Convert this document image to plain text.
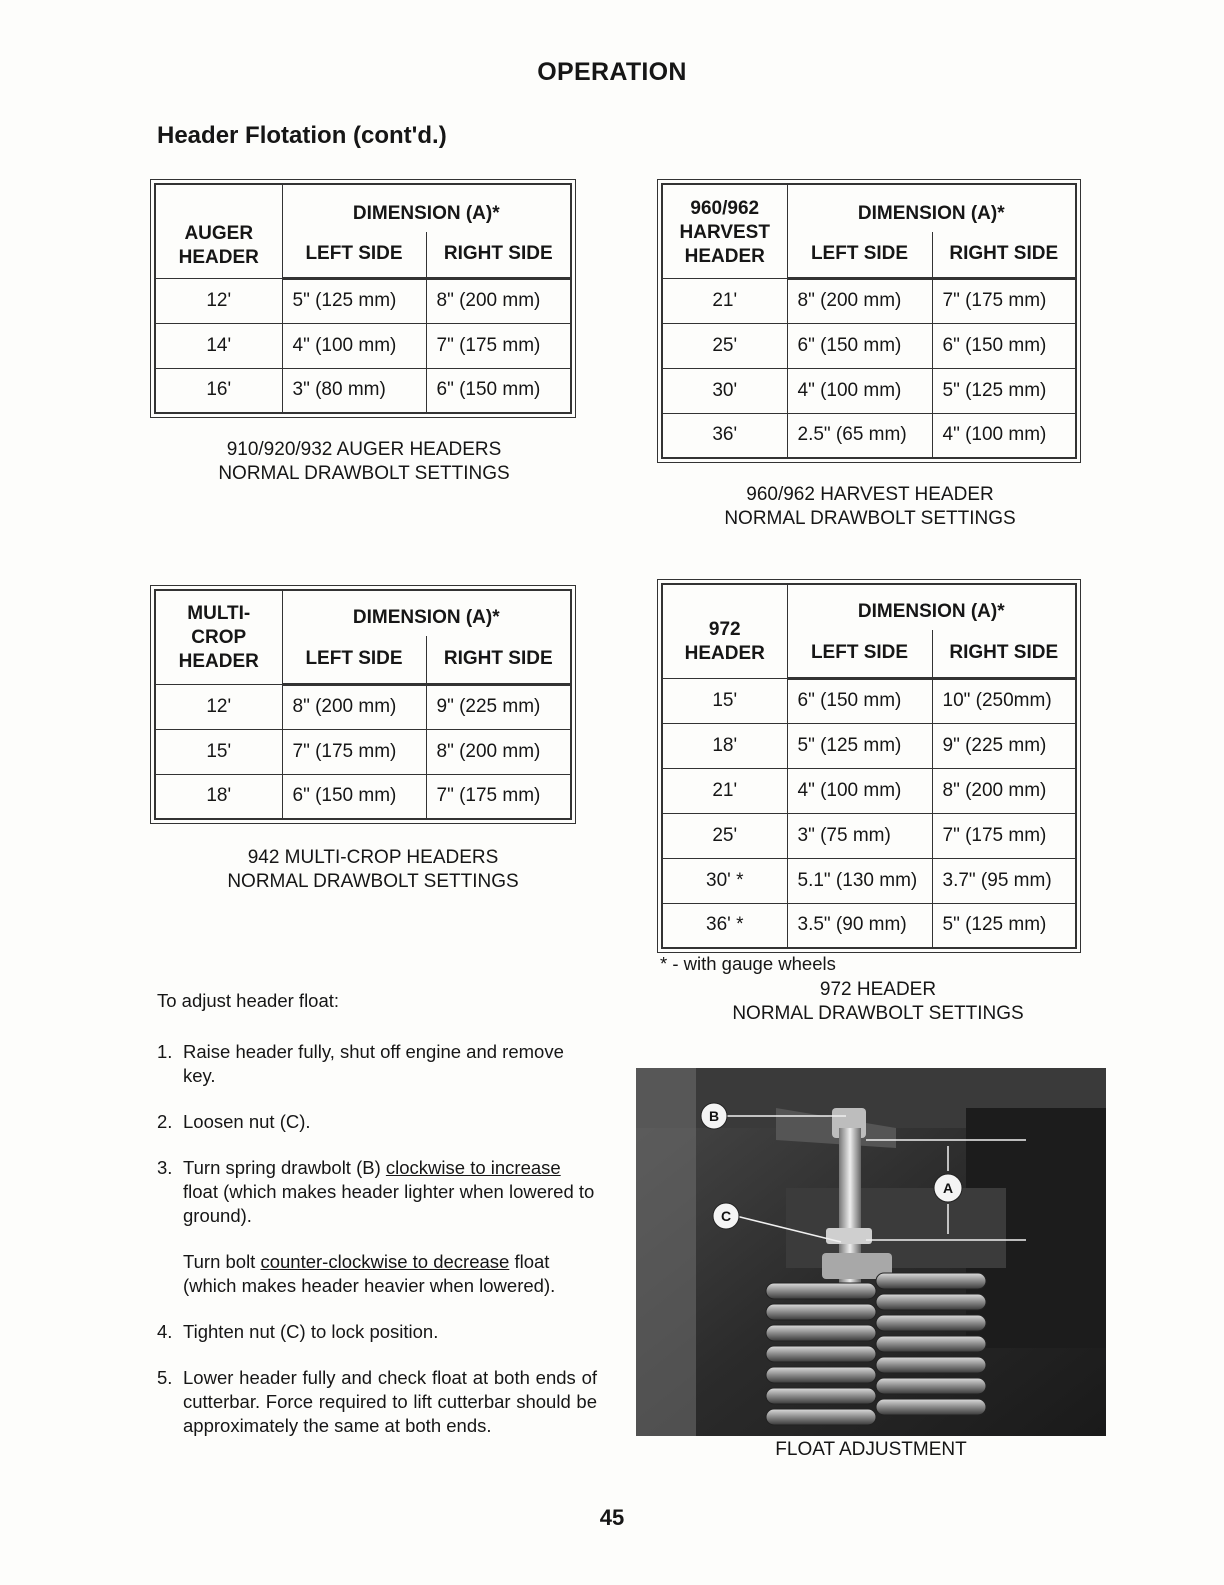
OPERATION
Header Flotation (cont'd.)
AUGER HEADER	DIMENSION (A)*	
	LEFT SIDE	RIGHT SIDE
12'	5" (125 mm)	8" (200 mm)
14'	4" (100 mm)	7" (175 mm)
16'	3" (80 mm)	6" (150 mm)
910/920/932 AUGER HEADERS
NORMAL DRAWBOLT SETTINGS
960/962 HARVEST HEADER	DIMENSION (A)*	
	LEFT SIDE	RIGHT SIDE
21'	8" (200 mm)	7" (175 mm)
25'	6" (150 mm)	6" (150 mm)
30'	4" (100 mm)	5" (125 mm)
36'	2.5" (65 mm)	4" (100 mm)
960/962 HARVEST HEADER
NORMAL DRAWBOLT SETTINGS
MULTI- CROP HEADER	DIMENSION (A)*	
	LEFT SIDE	RIGHT SIDE
12'	8" (200 mm)	9" (225 mm)
15'	7" (175 mm)	8" (200 mm)
18'	6" (150 mm)	7" (175 mm)
942 MULTI-CROP HEADERS
NORMAL DRAWBOLT SETTINGS
972 HEADER	DIMENSION (A)*	
	LEFT SIDE	RIGHT SIDE
15'	6" (150 mm)	10" (250mm)
18'	5" (125 mm)	9" (225 mm)
21'	4" (100 mm)	8" (200 mm)
25'	3" (75 mm)	7" (175 mm)
30' *	5.1" (130 mm)	3.7" (95 mm)
36' *	3.5" (90 mm)	5" (125 mm)
* - with gauge wheels
972 HEADER
NORMAL DRAWBOLT SETTINGS
To adjust header float:
1. Raise header fully, shut off engine and remove key.

2. Loosen nut (C).

3. Turn spring drawbolt (B) clockwise to increase float (which makes header lighter when lowered to ground).

Turn bolt counter-clockwise to decrease float (which makes header heavier when lowered).

4. Tighten nut (C) to lock position.

5. Lower header fully and check float at both ends of cutterbar. Force required to lift cutterbar should be approximately the same at both ends.

B
A
C
FLOAT ADJUSTMENT
45
